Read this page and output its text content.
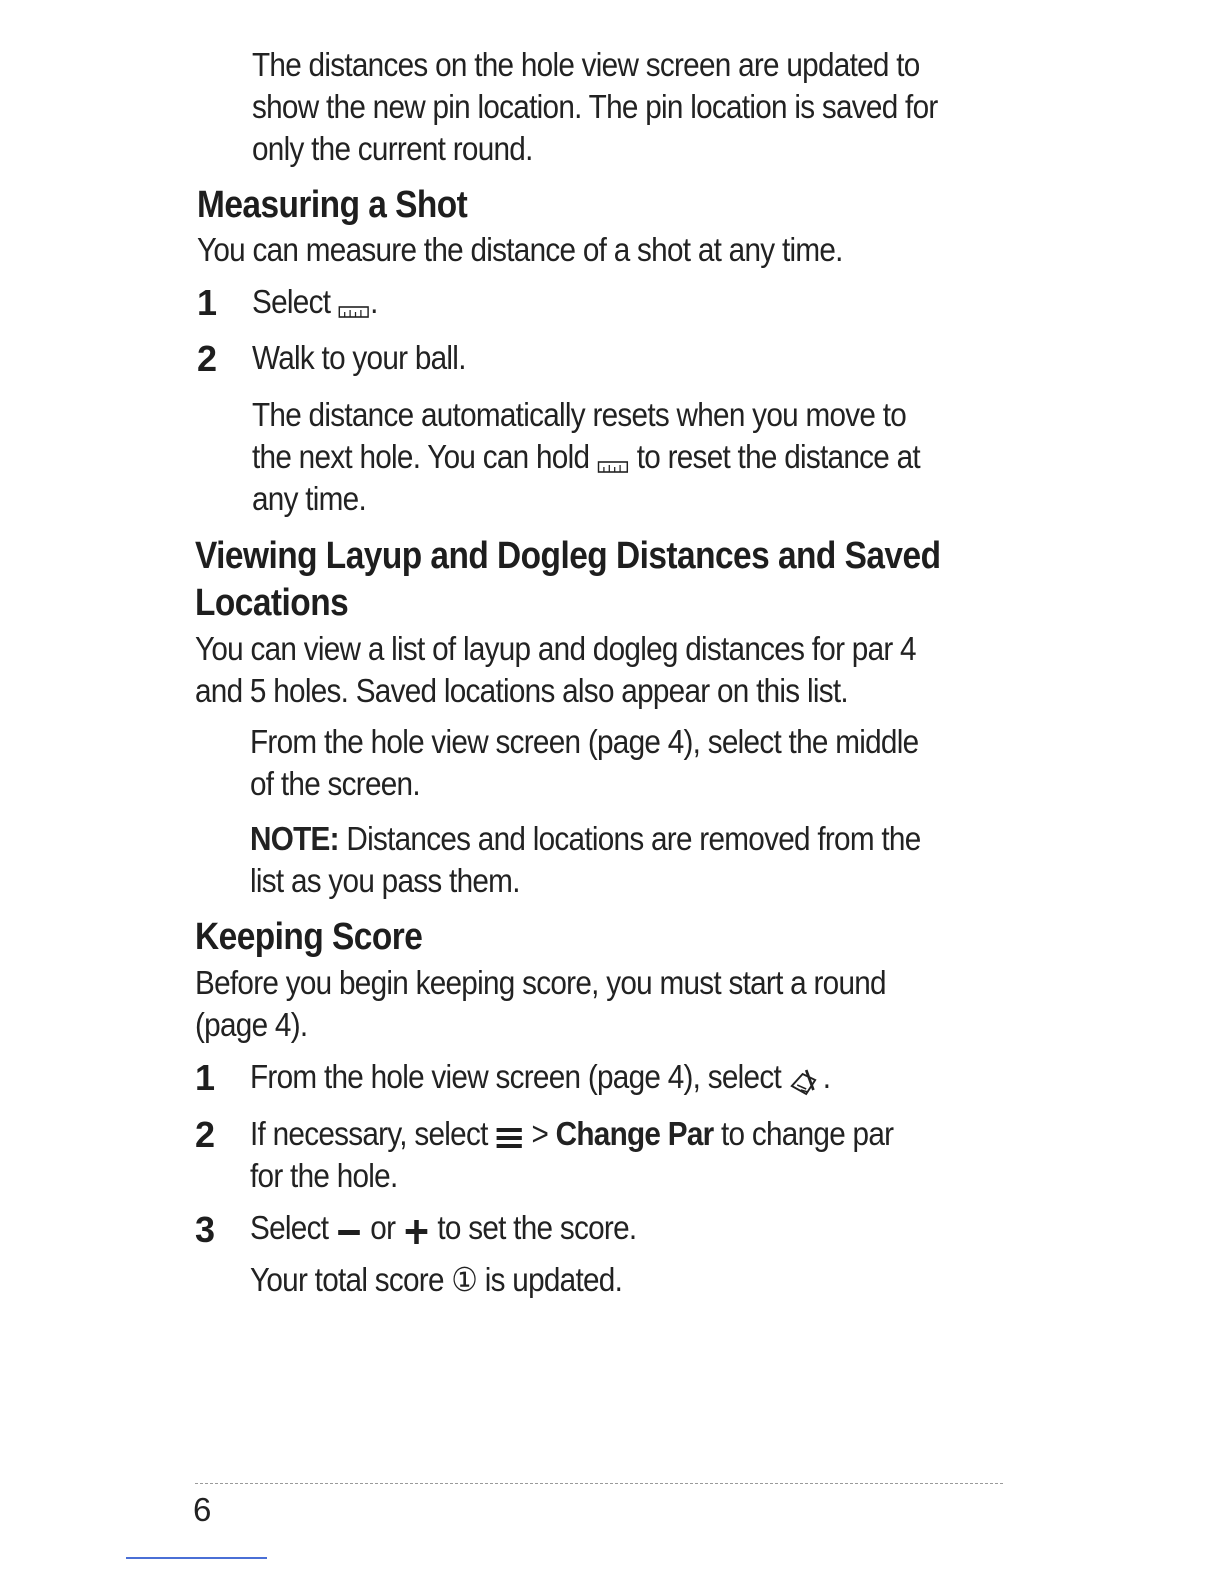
The distances on the hole view screen are updated to
show the new pin location. The pin location is saved for
only the current round.
Measuring a Shot
You can measure the distance of a shot at any time.
1 Select .
2 Walk to your ball.
The distance automatically resets when you move to
the next hole. You can hold  to reset the distance at
any time.
Viewing Layup and Dogleg Distances and Saved
Locations
You can view a list of layup and dogleg distances for par 4
and 5 holes. Saved locations also appear on this list.
From the hole view screen (page 4), select the middle
of the screen.
NOTE: Distances and locations are removed from the
list as you pass them.
Keeping Score
Before you begin keeping score, you must start a round
(page 4).
1 From the hole view screen (page 4), select .
2 If necessary, select  > Change Par to change par
for the hole.
3 Select  or  to set the score.
Your total score ① is updated.
6
